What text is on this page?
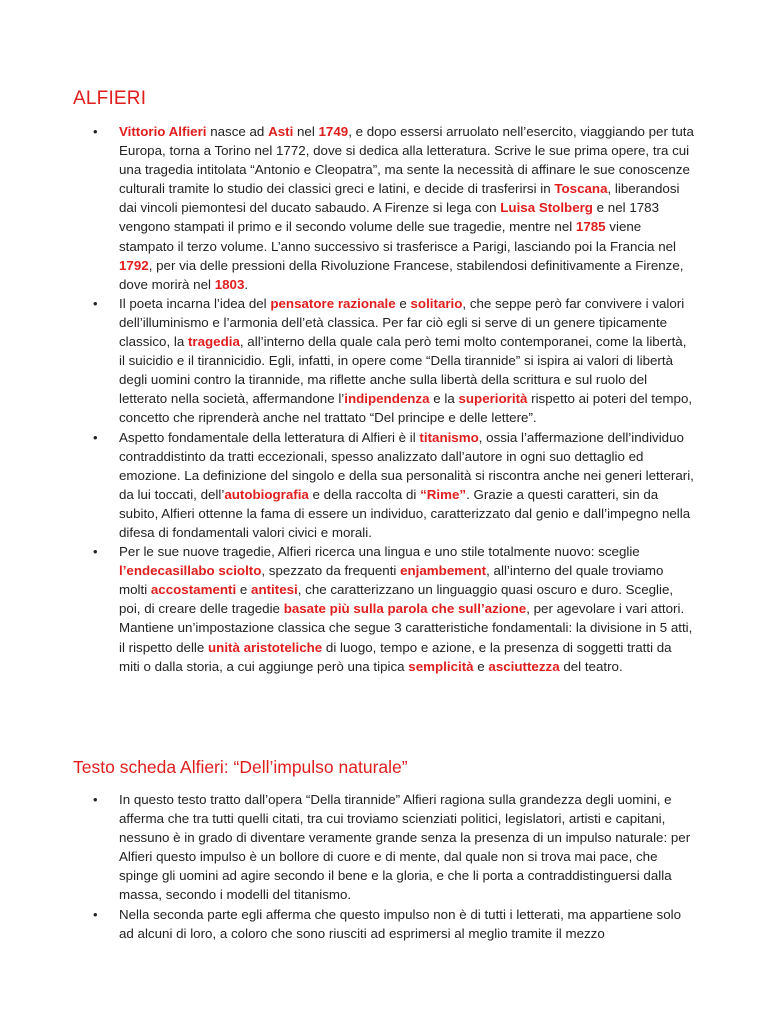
ALFIERI
• Vittorio Alfieri nasce ad Asti nel 1749, e dopo essersi arruolato nell’esercito, viaggiando per tuta Europa, torna a Torino nel 1772, dove si dedica alla letteratura. Scrive le sue prima opere, tra cui una tragedia intitolata “Antonio e Cleopatra”, ma sente la necessità di affinare le sue conoscenze culturali tramite lo studio dei classici greci e latini, e decide di trasferirsi in Toscana, liberandosi dai vincoli piemontesi del ducato sabaudo. A Firenze si lega con Luisa Stolberg e nel 1783 vengono stampati il primo e il secondo volume delle sue tragedie, mentre nel 1785 viene stampato il terzo volume. L’anno successivo si trasferisce a Parigi, lasciando poi la Francia nel 1792, per via delle pressioni della Rivoluzione Francese, stabilendosi definitivamente a Firenze, dove morirà nel 1803.
• Il poeta incarna l’idea del pensatore razionale e solitario, che seppe però far convivere i valori dell’illuminismo e l’armonia dell’età classica. Per far ciò egli si serve di un genere tipicamente classico, la tragedia, all’interno della quale cala però temi molto contemporanei, come la libertà, il suicidio e il tirannicidio. Egli, infatti, in opere come “Della tirannide” si ispira ai valori di libertà degli uomini contro la tirannide, ma riflette anche sulla libertà della scrittura e sul ruolo del letterato nella società, affermandone l’indipendenza e la superiorità rispetto ai poteri del tempo, concetto che riprenderà anche nel trattato “Del principe e delle lettere”.
• Aspetto fondamentale della letteratura di Alfieri è il titanismo, ossia l’affermazione dell’individuo contraddistinto da tratti eccezionali, spesso analizzato dall’autore in ogni suo dettaglio ed emozione. La definizione del singolo e della sua personalità si riscontra anche nei generi letterari, da lui toccati, dell’autobiografia e della raccolta di “Rime”. Grazie a questi caratteri, sin da subito, Alfieri ottenne la fama di essere un individuo, caratterizzato dal genio e dall’impegno nella difesa di fondamentali valori civici e morali.
• Per le sue nuove tragedie, Alfieri ricerca una lingua e uno stile totalmente nuovo: sceglie l’endecasillabo sciolto, spezzato da frequenti enjambement, all’interno del quale troviamo molti accostamenti e antitesi, che caratterizzano un linguaggio quasi oscuro e duro. Sceglie, poi, di creare delle tragedie basate più sulla parola che sull’azione, per agevolare i vari attori. Mantiene un’impostazione classica che segue 3 caratteristiche fondamentali: la divisione in 5 atti, il rispetto delle unità aristoteliche di luogo, tempo e azione, e la presenza di soggetti tratti da miti o dalla storia, a cui aggiunge però una tipica semplicità e asciuttezza del teatro.
Testo scheda Alfieri: “Dell’impulso naturale”
• In questo testo tratto dall’opera “Della tirannide” Alfieri ragiona sulla grandezza degli uomini, e afferma che tra tutti quelli citati, tra cui troviamo scienziati politici, legislatori, artisti e capitani, nessuno è in grado di diventare veramente grande senza la presenza di un impulso naturale: per Alfieri questo impulso è un bollore di cuore e di mente, dal quale non si trova mai pace, che spinge gli uomini ad agire secondo il bene e la gloria, e che li porta a contraddistinguersi dalla massa, secondo i modelli del titanismo.
• Nella seconda parte egli afferma che questo impulso non è di tutti i letterati, ma appartiene solo ad alcuni di loro, a coloro che sono riusciti ad esprimersi al meglio tramite il mezzo
